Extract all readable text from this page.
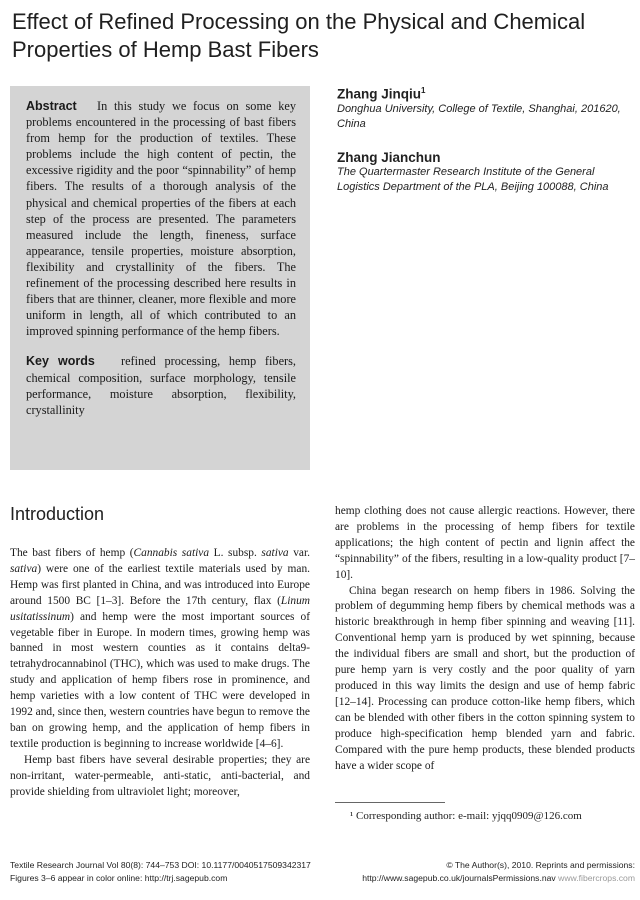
Effect of Refined Processing on the Physical and Chemical Properties of Hemp Bast Fibers

Abstract In this study we focus on some key problems encountered in the processing of bast fibers from hemp for the production of textiles. These problems include the high content of pectin, the excessive rigidity and the poor “spinnability” of hemp fibers. The results of a thorough analysis of the physical and chemical properties of the fibers at each step of the process are presented. The parameters measured include the length, fineness, surface appearance, tensile properties, moisture absorption, flexibility and crystallinity of the fibers. The refinement of the processing described here results in fibers that are thinner, cleaner, more flexible and more uniform in length, all of which contributed to an improved spinning performance of the hemp fibers.

Key words refined processing, hemp fibers, chemical composition, surface morphology, tensile performance, moisture absorption, flexibility, crystallinity

Zhang Jinqiu$^1$
Donghua University, College of Textile, Shanghai, 201620, China
Zhang Jianchun
The Quartermaster Research Institute of the General Logistics Department of the PLA, Beijing 100088, China
Introduction

The bast fibers of hemp (Cannabis sativa L. subsp. sativa var. sativa) were one of the earliest textile materials used by man. Hemp was first planted in China, and was introduced into Europe around 1500 BC [1–3]. Before the 17th century, flax (Linum usitatissinum) and hemp were the most important sources of vegetable fiber in Europe. In modern times, growing hemp was banned in most western counties as it contains delta9-tetrahydrocannabinol (THC), which was used to make drugs. The study and application of hemp fibers rose in prominence, and hemp varieties with a low content of THC were developed in 1992 and, since then, western countries have begun to remove the ban on growing hemp, and the application of hemp fibers in textile production is beginning to increase worldwide [4–6].

Hemp bast fibers have several desirable properties; they are non-irritant, water-permeable, anti-static, anti-bacterial, and provide shielding from ultraviolet light; moreover,

hemp clothing does not cause allergic reactions. However, there are problems in the processing of hemp fibers for textile applications; the high content of pectin and lignin affect the “spinnability” of the fibers, resulting in a low-quality product [7–10].

China began research on hemp fibers in 1986. Solving the problem of degumming hemp fibers by chemical methods was a historic breakthrough in hemp fiber spinning and weaving [11]. Conventional hemp yarn is produced by wet spinning, because the individual fibers are small and short, but the production of pure hemp yarn is very costly and the poor quality of yarn produced in this way limits the design and use of hemp fabric [12–14]. Processing can produce cotton-like hemp fibers, which can be blended with other fibers in the cotton spinning system to produce high-specification hemp blended yarn and fabric. Compared with the pure hemp products, these blended products have a wider scope of

¹ Corresponding author: e-mail: yjqq0909@126.com
Textile Research Journal Vol 80(8): 744–753 DOI: 10.1177/0040517509342317
Figures 3–6 appear in color online: http://trj.sagepub.com
© The Author(s), 2010. Reprints and permissions:
http://www.sagepub.co.uk/journalsPermissions.nav www.fibercrops.com
